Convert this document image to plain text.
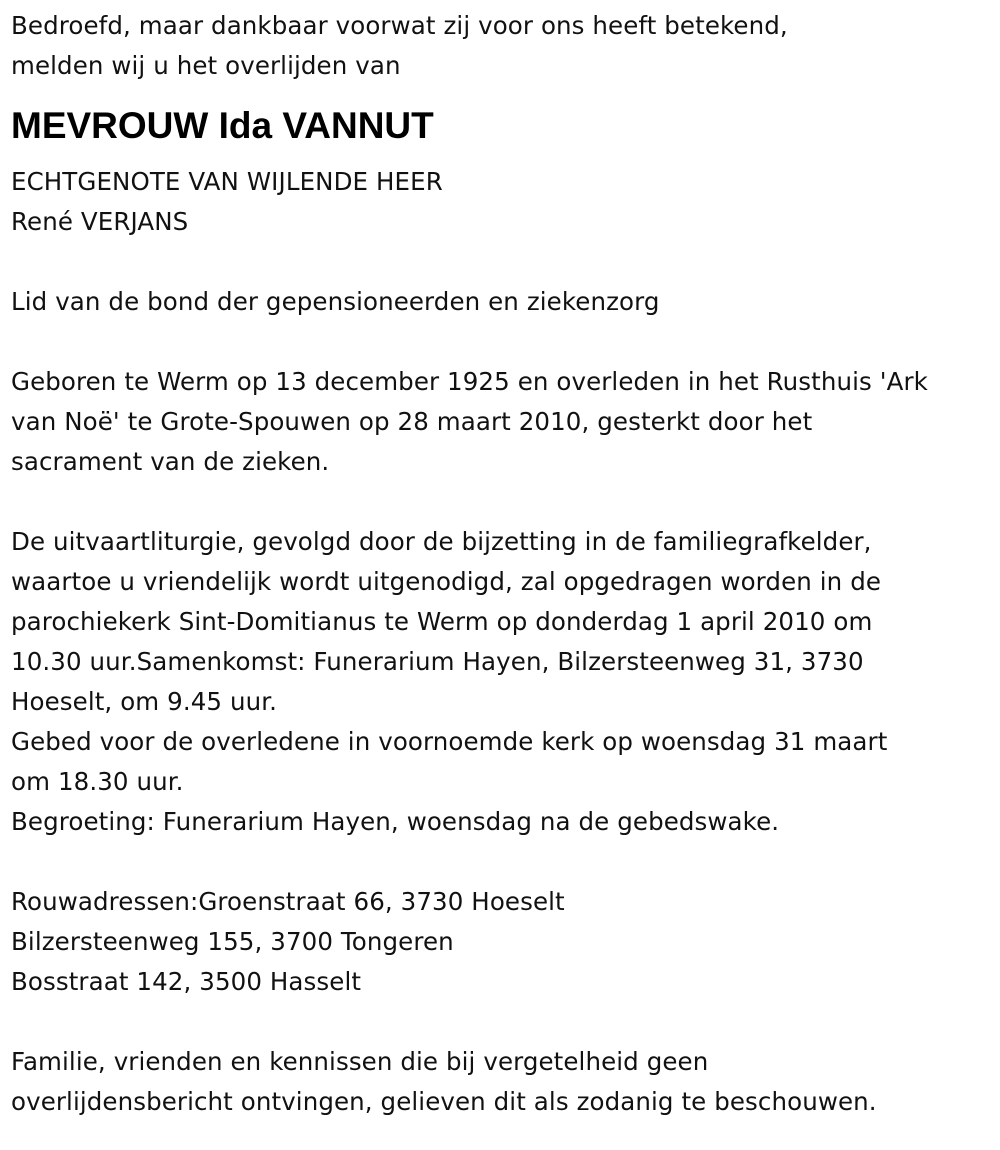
Bedroefd, maar dankbaar voorwat zij voor ons heeft betekend,
melden wij u het overlijden van
MEVROUW Ida VANNUT
ECHTGENOTE VAN WIJLENDE HEER
René VERJANS
Lid van de bond der gepensioneerden en ziekenzorg
Geboren te Werm op 13 december 1925 en overleden in het Rusthuis 'Ark
van Noë' te Grote-Spouwen op 28 maart 2010, gesterkt door het
sacrament van de zieken.
De uitvaartliturgie, gevolgd door de bijzetting in de familiegrafkelder,
waartoe u vriendelijk wordt uitgenodigd, zal opgedragen worden in de
parochiekerk Sint-Domitianus te Werm op donderdag 1 april 2010 om
10.30 uur.Samenkomst: Funerarium Hayen, Bilzersteenweg 31, 3730
Hoeselt, om 9.45 uur.
Gebed voor de overledene in voornoemde kerk op woensdag 31 maart
om 18.30 uur.
Begroeting: Funerarium Hayen, woensdag na de gebedswake.
Rouwadressen:Groenstraat 66, 3730 Hoeselt
Bilzersteenweg 155, 3700 Tongeren
Bosstraat 142, 3500 Hasselt
Familie, vrienden en kennissen die bij vergetelheid geen
overlijdensbericht ontvingen, gelieven dit als zodanig te beschouwen.
